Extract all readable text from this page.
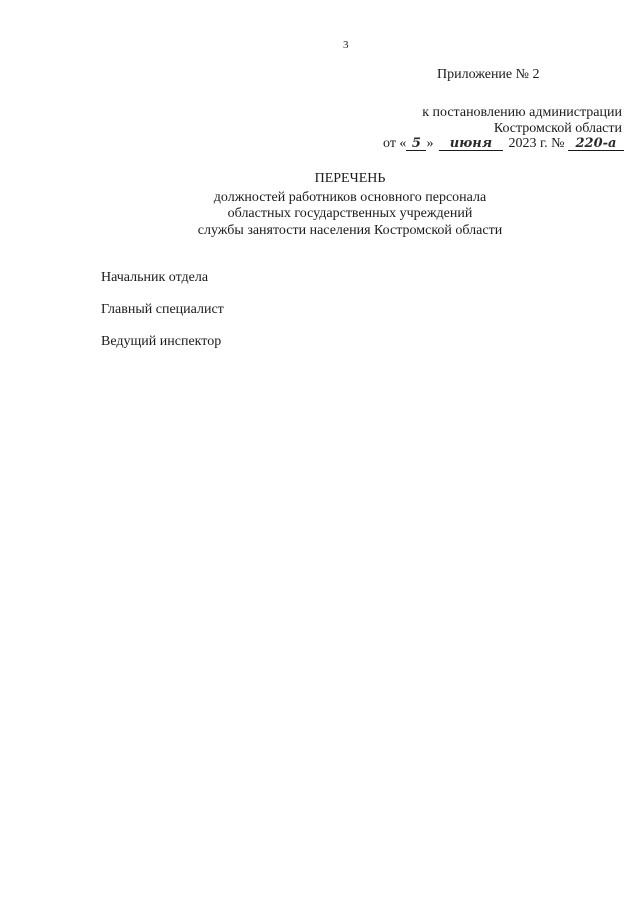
3
Приложение № 2
к постановлению администрации
Костромской области
от « 5 » июня 2023 г. № 220-а
ПЕРЕЧЕНЬ
должностей работников основного персонала
областных государственных учреждений
службы занятости населения Костромской области
Начальник отдела
Главный специалист
Ведущий инспектор
